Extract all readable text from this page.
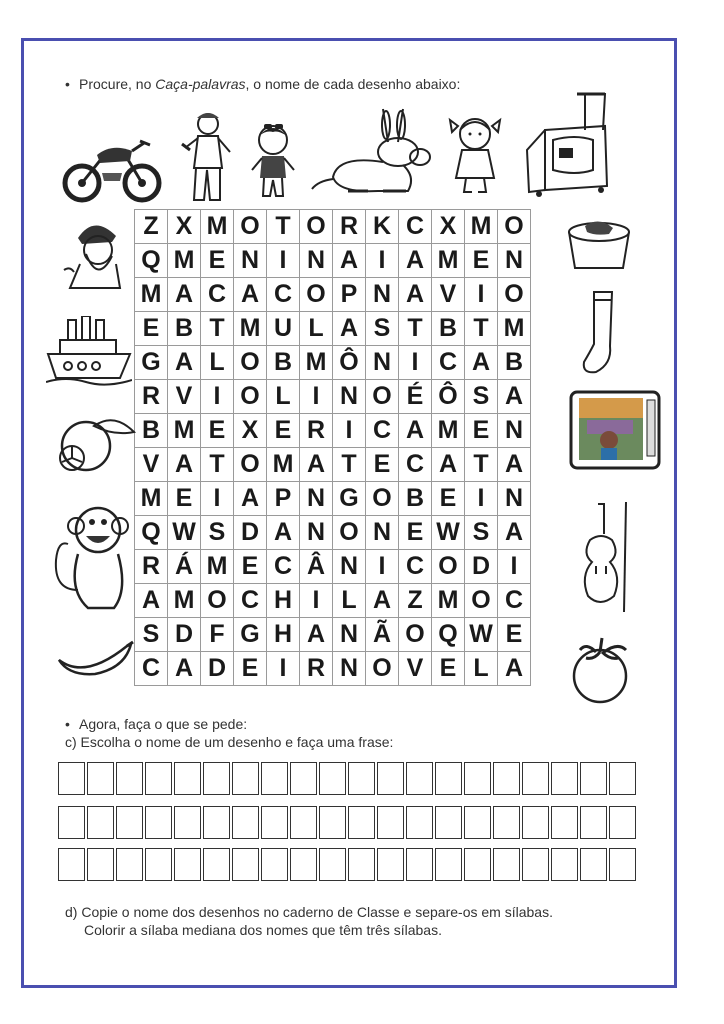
• Procure, no Caça-palavras, o nome de cada desenho abaixo:
Z	X	M	O	T	O	R	K	C	X	M	O
Q	M	E	N	I	N	A	I	A	M	E	N
M	A	C	A	C	O	P	N	A	V	I	O
E	B	T	M	U	L	A	S	T	B	T	M
G	A	L	O	B	M	Ô	N	I	C	A	B
R	V	I	O	L	I	N	O	É	Ô	S	A
B	M	E	X	E	R	I	C	A	M	E	N
V	A	T	O	M	A	T	E	C	A	T	A
M	E	I	A	P	N	G	O	B	E	I	N
Q	W	S	D	A	N	O	N	E	W	S	A
R	Á	M	E	C	Â	N	I	C	O	D	I
A	M	O	C	H	I	L	A	Z	M	O	C
S	D	F	G	H	A	N	Ã	O	Q	W	E
C	A	D	E	I	R	N	O	V	E	L	A
• Agora, faça o que se pede:
c) Escolha o nome de um desenho e faça uma frase:
d) Copie o nome dos desenhos no caderno de Classe e separe-os em sílabas.
Colorir a sílaba mediana dos nomes que têm três sílabas.
